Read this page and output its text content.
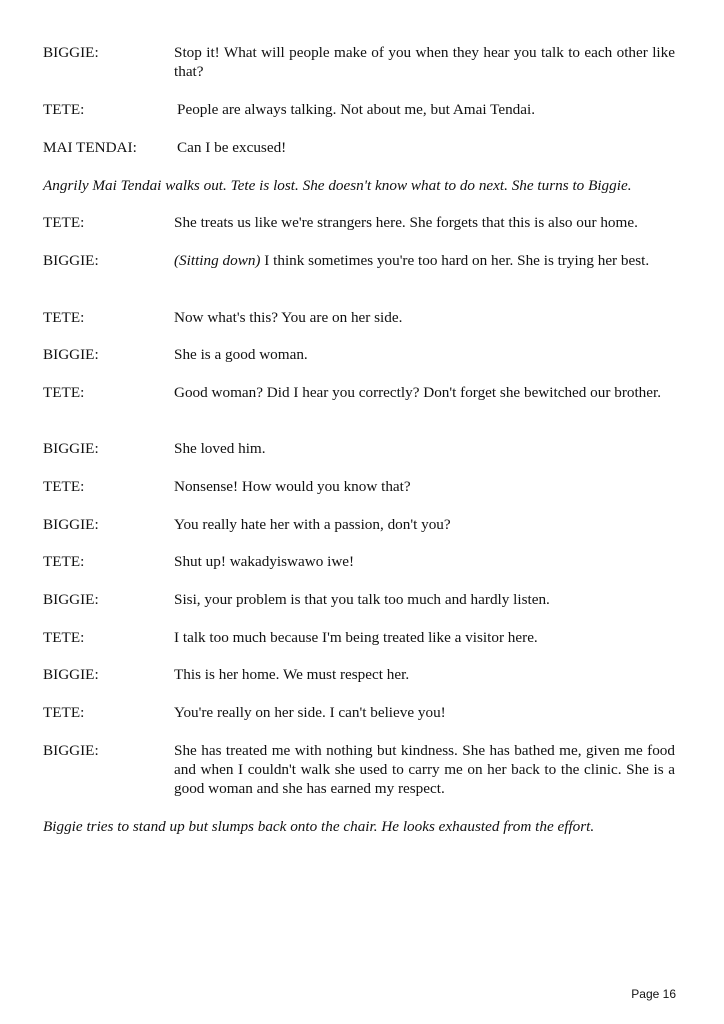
BIGGIE:	Stop it! What will people make of you when they hear you talk to each other like that?
TETE:	People are always talking. Not about me, but Amai Tendai.
MAI TENDAI:	Can I be excused!
Angrily Mai Tendai walks out. Tete is lost. She doesn't know what to do next. She turns to Biggie.
TETE:	She treats us like we're strangers here. She forgets that this is also our home.
BIGGIE:	(Sitting down) I think sometimes you're too hard on her. She is trying her best.
TETE:	Now what's this? You are on her side.
BIGGIE:	She is a good woman.
TETE:	Good woman? Did I hear you correctly? Don't forget she bewitched our brother.
BIGGIE:	She loved him.
TETE:	Nonsense! How would you know that?
BIGGIE:	You really hate her with a passion, don't you?
TETE:	Shut up! wakadyiswawo iwe!
BIGGIE:	Sisi, your problem is that you talk too much and hardly listen.
TETE:	I talk too much because I'm being treated like a visitor here.
BIGGIE:	This is her home. We must respect her.
TETE:	You're really on her side. I can't believe you!
BIGGIE:	She has treated me with nothing but kindness. She has bathed me, given me food and when I couldn't walk she used to carry me on her back to the clinic. She is a good woman and she has earned my respect.
Biggie tries to stand up but slumps back onto the chair. He looks exhausted from the effort.
Page 16
